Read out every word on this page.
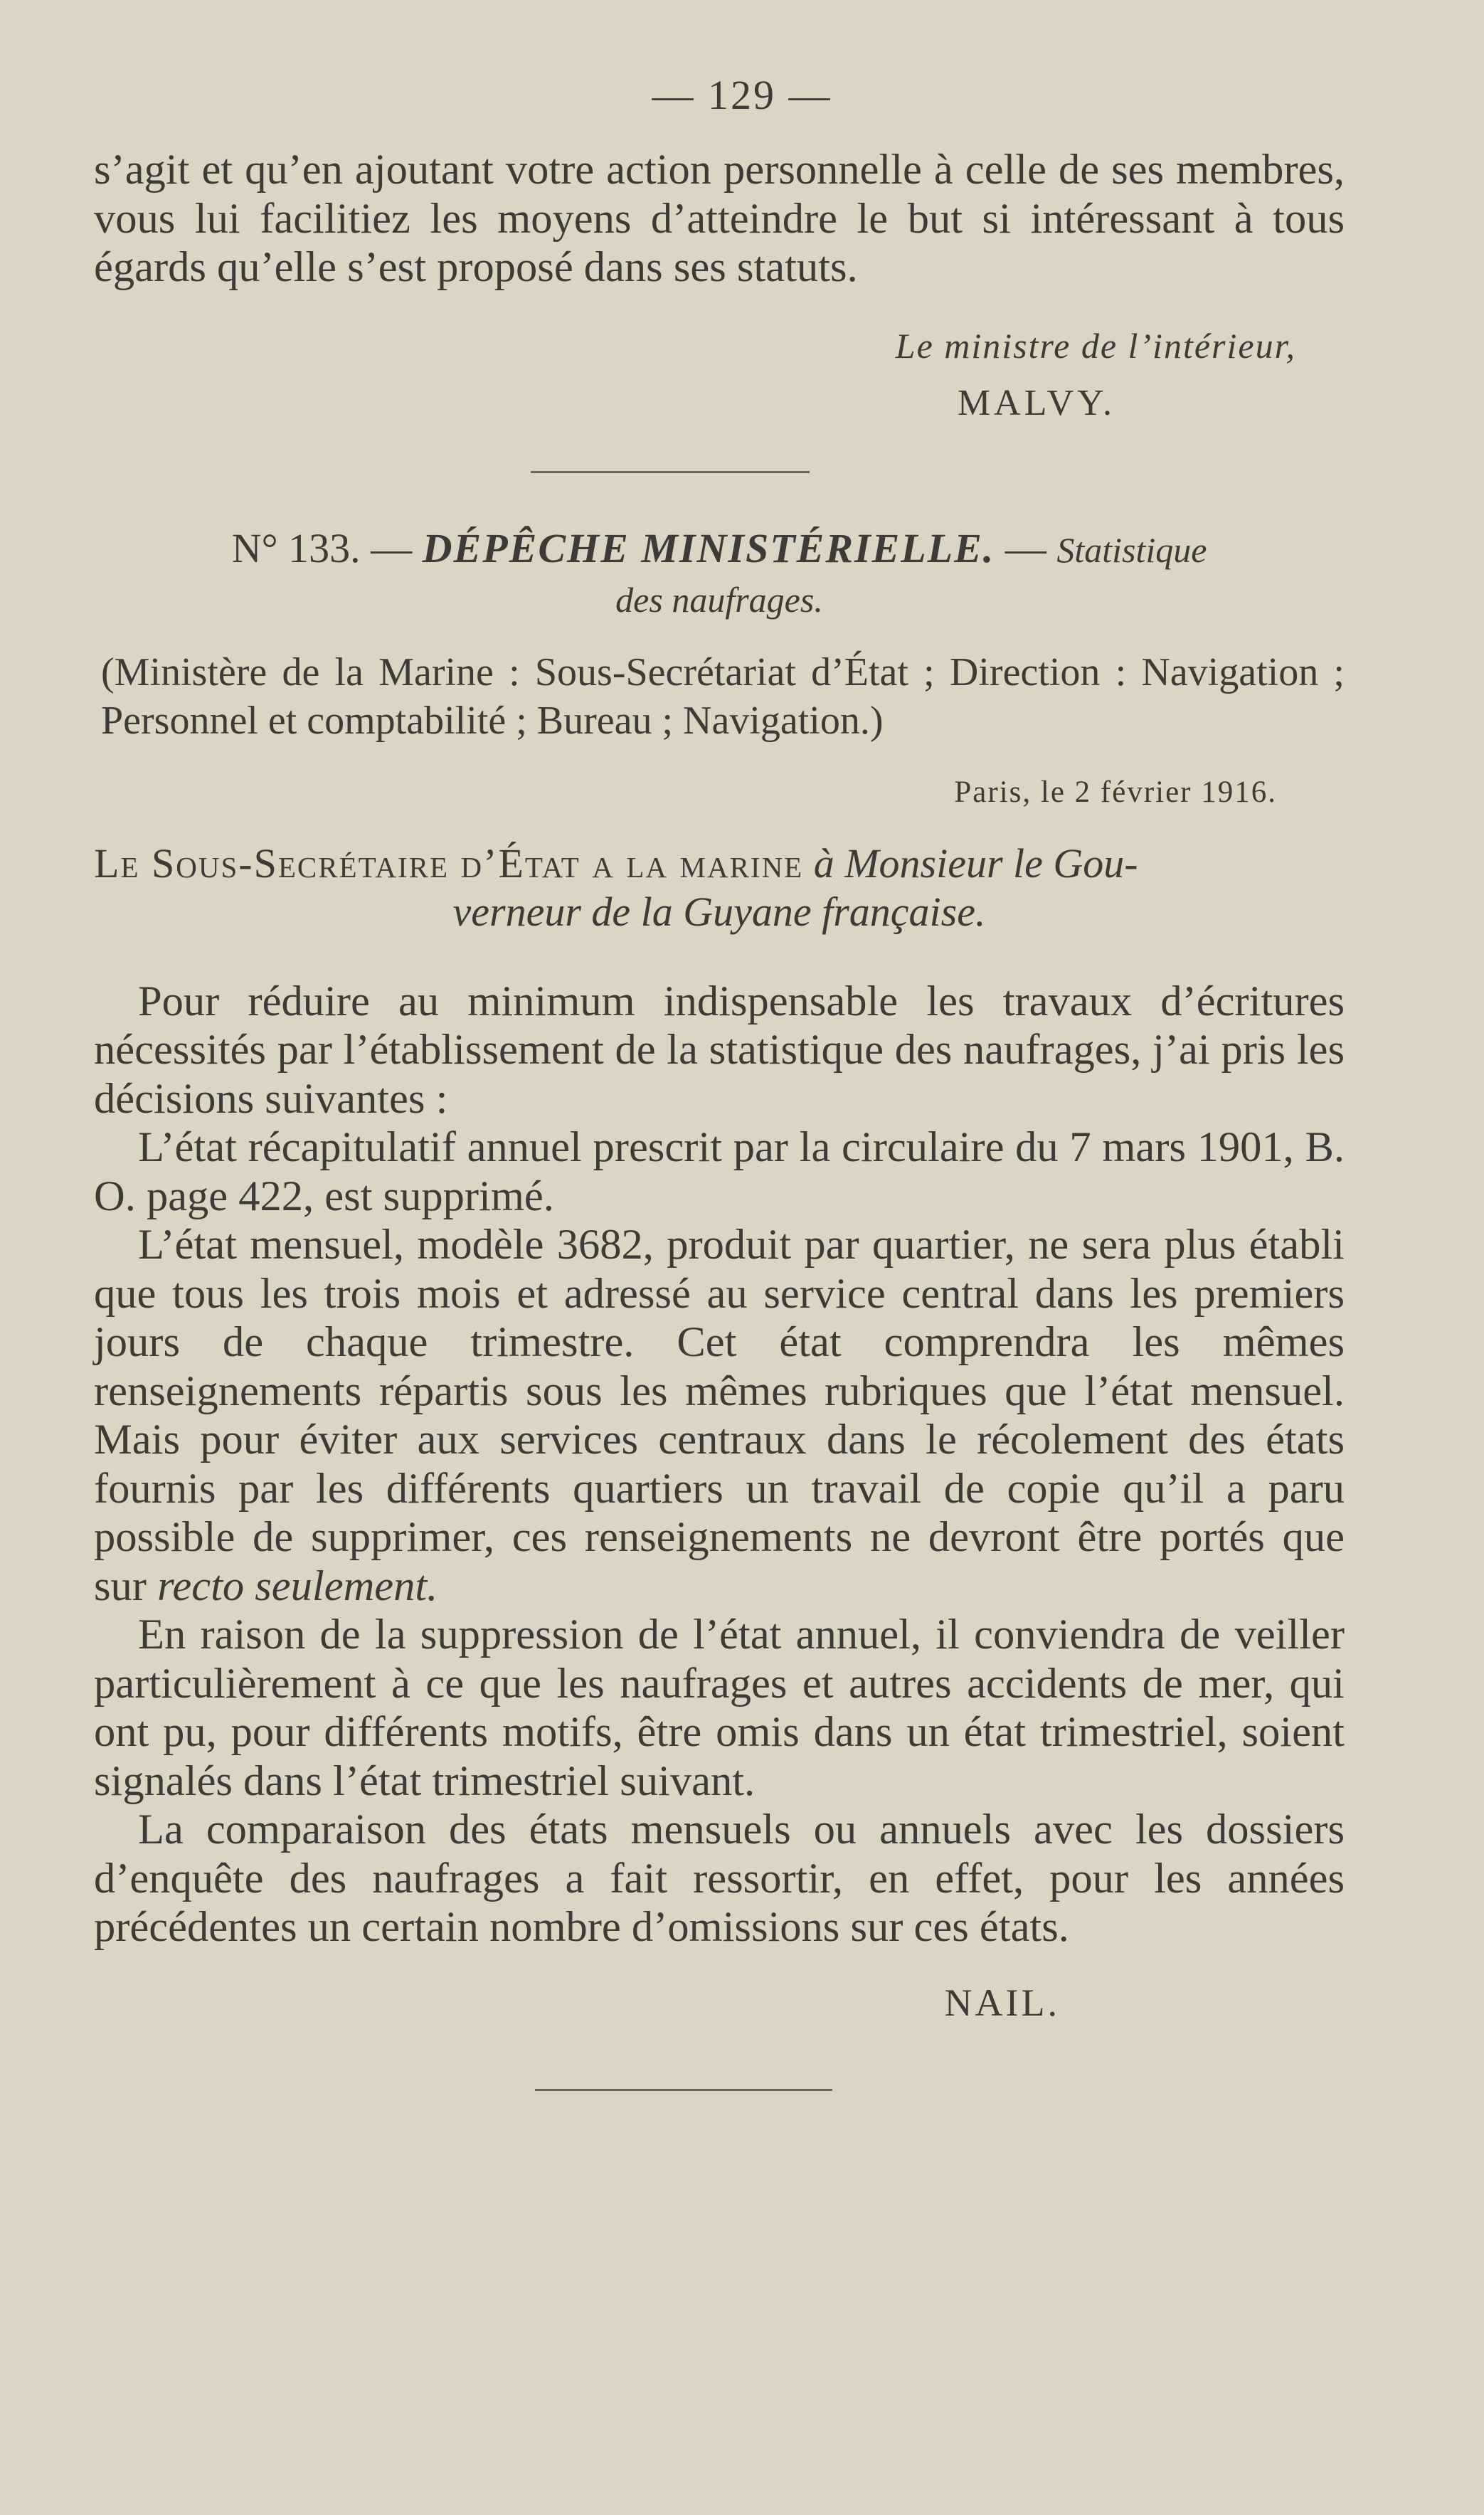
— 129 —

s’agit et qu’en ajoutant votre action personnelle à celle de ses membres, vous lui facilitiez les moyens d’atteindre le but si intéressant à tous égards qu’elle s’est proposé dans ses statuts.

Le ministre de l’intérieur,
MALVY.
N° 133. — DÉPÊCHE MINISTÉRIELLE. — Statistique
des naufrages.
(Ministère de la Marine : Sous-Secrétariat d’État ; Direction : Navigation ; Personnel et comptabilité ; Bureau ; Navigation.)
Paris, le 2 février 1916.
Le Sous-Secrétaire d’État a la marine à Monsieur le Gou-
verneur de la Guyane française.

Pour réduire au minimum indispensable les travaux d’écritures nécessités par l’établissement de la statistique des naufrages, j’ai pris les décisions suivantes :

L’état récapitulatif annuel prescrit par la circulaire du 7 mars 1901, B. O. page 422, est supprimé.

L’état mensuel, modèle 3682, produit par quartier, ne sera plus établi que tous les trois mois et adressé au service central dans les premiers jours de chaque trimestre. Cet état comprendra les mêmes renseignements répartis sous les mêmes rubriques que l’état mensuel. Mais pour éviter aux services centraux dans le récolement des états fournis par les différents quartiers un travail de copie qu’il a paru possible de supprimer, ces renseignements ne devront être portés que sur recto seulement.

En raison de la suppression de l’état annuel, il conviendra de veiller particulièrement à ce que les naufrages et autres accidents de mer, qui ont pu, pour différents motifs, être omis dans un état trimestriel, soient signalés dans l’état trimestriel suivant.

La comparaison des états mensuels ou annuels avec les dossiers d’enquête des naufrages a fait ressortir, en effet, pour les années précédentes un certain nombre d’omissions sur ces états.

NAIL.
